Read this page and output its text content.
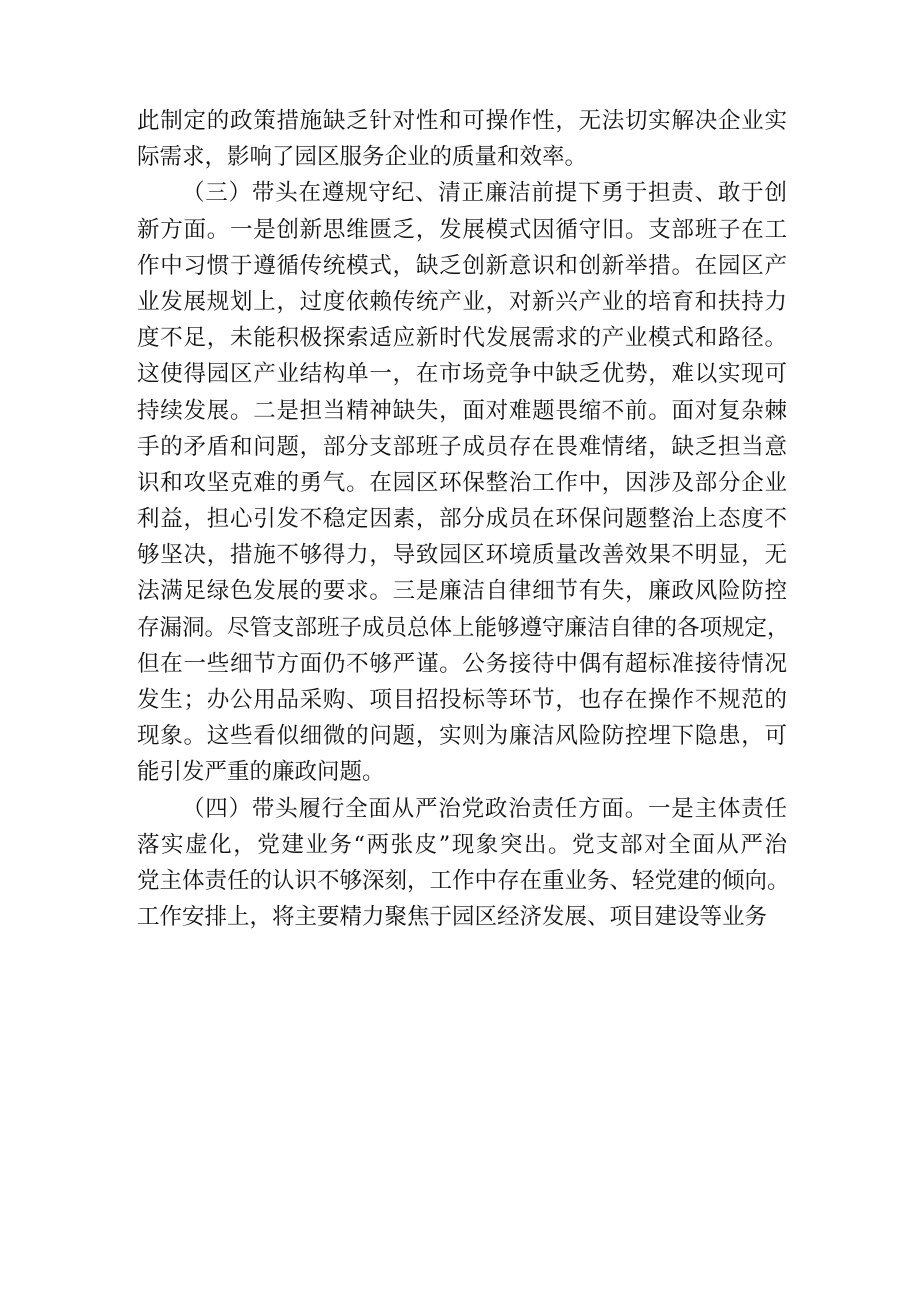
此制定的政策措施缺乏针对性和可操作性，无法切实解决企业实
际需求，影响了园区服务企业的质量和效率。
（三）带头在遵规守纪、清正廉洁前提下勇于担责、敢于创
新方面。一是创新思维匮乏，发展模式因循守旧。支部班子在工
作中习惯于遵循传统模式，缺乏创新意识和创新举措。在园区产
业发展规划上，过度依赖传统产业，对新兴产业的培育和扶持力
度不足，未能积极探索适应新时代发展需求的产业模式和路径。
这使得园区产业结构单一，在市场竞争中缺乏优势，难以实现可
持续发展。二是担当精神缺失，面对难题畏缩不前。面对复杂棘
手的矛盾和问题，部分支部班子成员存在畏难情绪，缺乏担当意
识和攻坚克难的勇气。在园区环保整治工作中，因涉及部分企业
利益，担心引发不稳定因素，部分成员在环保问题整治上态度不
够坚决，措施不够得力，导致园区环境质量改善效果不明显，无
法满足绿色发展的要求。三是廉洁自律细节有失，廉政风险防控
存漏洞。尽管支部班子成员总体上能够遵守廉洁自律的各项规定，
但在一些细节方面仍不够严谨。公务接待中偶有超标准接待情况
发生；办公用品采购、项目招投标等环节，也存在操作不规范的
现象。这些看似细微的问题，实则为廉洁风险防控埋下隐患，可
能引发严重的廉政问题。
（四）带头履行全面从严治党政治责任方面。一是主体责任
落实虚化，党建业务“两张皮”现象突出。党支部对全面从严治
党主体责任的认识不够深刻，工作中存在重业务、轻党建的倾向。
工作安排上，将主要精力聚焦于园区经济发展、项目建设等业务
